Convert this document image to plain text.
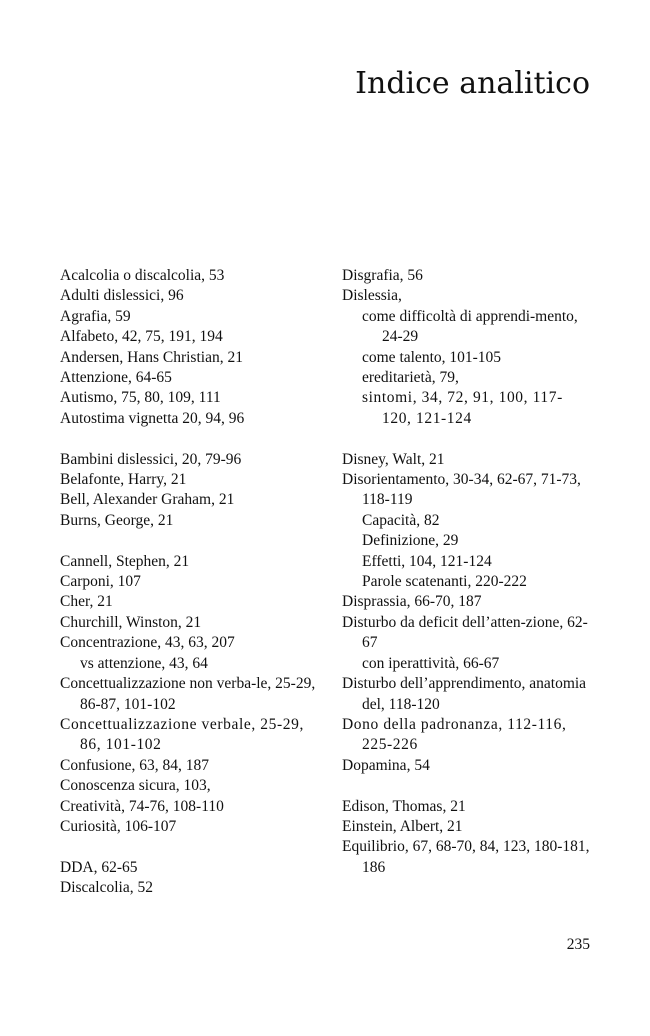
Indice analitico
Acalcolia o discalcolia, 53
Adulti dislessici, 96
Agrafia, 59
Alfabeto, 42, 75, 191, 194
Andersen, Hans Christian, 21
Attenzione, 64-65
Autismo, 75, 80, 109, 111
Autostima vignetta 20, 94, 96
Bambini dislessici, 20, 79-96
Belafonte, Harry, 21
Bell, Alexander Graham, 21
Burns, George, 21
Cannell, Stephen, 21
Carponi, 107
Cher, 21
Churchill, Winston, 21
Concentrazione, 43, 63, 207
vs attenzione, 43, 64
Concettualizzazione non verba-le, 25-29, 86-87, 101-102
Concettualizzazione verbale, 25-29, 86, 101-102
Confusione, 63, 84, 187
Conoscenza sicura, 103,
Creatività, 74-76, 108-110
Curiosità, 106-107
DDA, 62-65
Discalcolia, 52
Disgrafia, 56
Dislessia,
come difficoltà di apprendi-mento, 24-29
come talento, 101-105
ereditarietà, 79,
sintomi, 34, 72, 91, 100, 117-120, 121-124
Disney, Walt, 21
Disorientamento, 30-34, 62-67, 71-73, 118-119
Capacità, 82
Definizione, 29
Effetti, 104, 121-124
Parole scatenanti, 220-222
Disprassia, 66-70, 187
Disturbo da deficit dell’atten-zione, 62-67
con iperattività, 66-67
Disturbo dell’apprendimento, anatomia del, 118-120
Dono della padronanza, 112-116, 225-226
Dopamina, 54
Edison, Thomas, 21
Einstein, Albert, 21
Equilibrio, 67, 68-70, 84, 123, 180-181, 186
235
